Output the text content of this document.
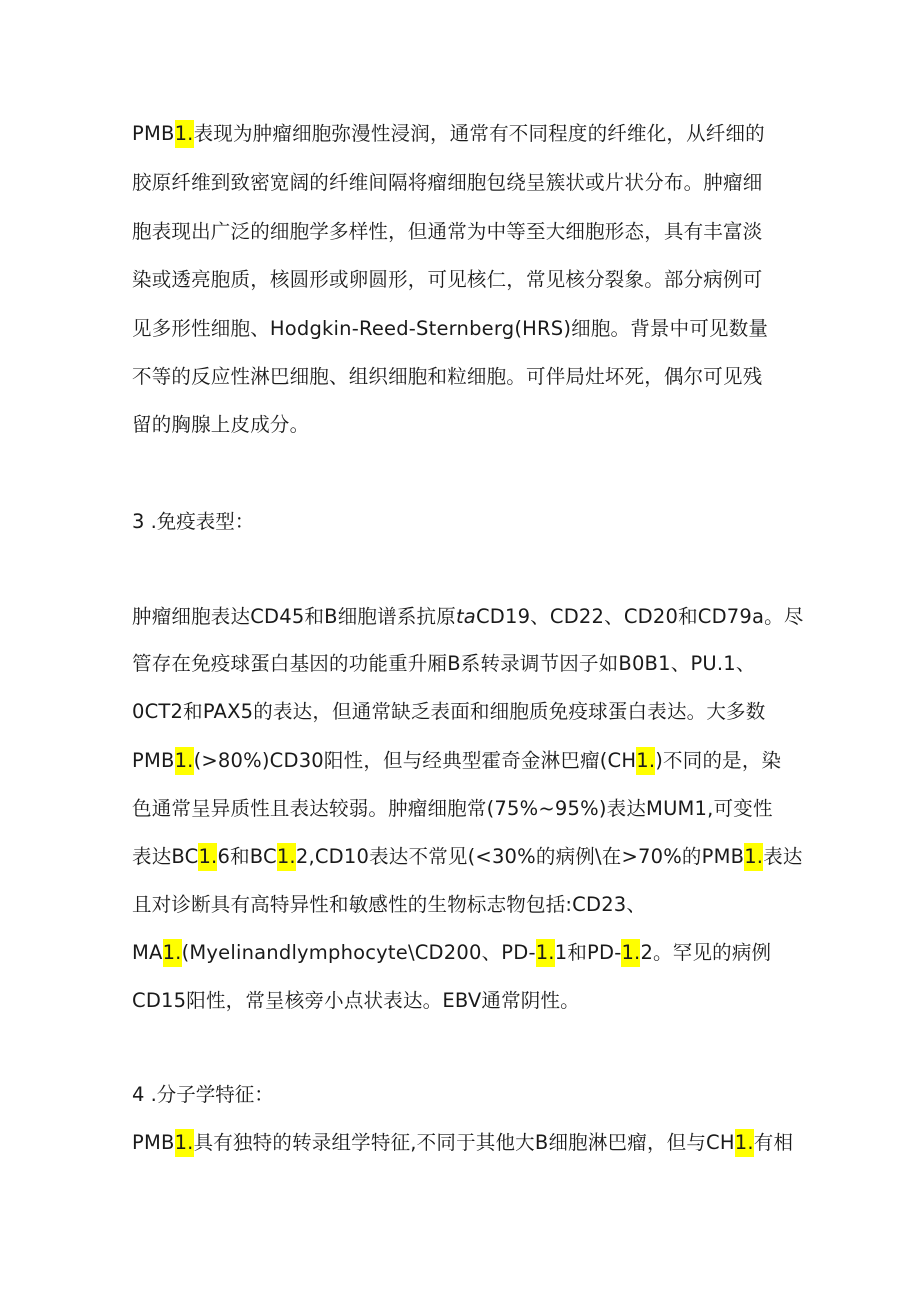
PMB1.表现为肿瘤细胞弥漫性浸润，通常有不同程度的纤维化，从纤细的
胶原纤维到致密宽阔的纤维间隔将瘤细胞包绕呈簇状或片状分布。肿瘤细
胞表现出广泛的细胞学多样性，但通常为中等至大细胞形态，具有丰富淡
染或透亮胞质，核圆形或卵圆形，可见核仁，常见核分裂象。部分病例可
见多形性细胞、Hodgkin-Reed-Sternberg(HRS)细胞。背景中可见数量
不等的反应性淋巴细胞、组织细胞和粒细胞。可伴局灶坏死，偶尔可见残
留的胸腺上皮成分。
3 .免疫表型：
肿瘤细胞表达CD45和B细胞谱系抗原taCD19、CD22、CD20和CD79a。尽
管存在免疫球蛋白基因的功能重升厢B系转录调节因子如B0B1、PU.1、
0CT2和PAX5的表达，但通常缺乏表面和细胞质免疫球蛋白表达。大多数
PMB1.(>80%)CD30阳性，但与经典型霍奇金淋巴瘤(CH1.)不同的是，染
色通常呈异质性且表达较弱。肿瘤细胞常(75%~95%)表达MUM1,可变性
表达BC1.6和BC1.2,CD10表达不常见(<30%的病例\在>70%的PMB1.表达
且对诊断具有高特异性和敏感性的生物标志物包括:CD23、
MA1.(Myelinandlymphocyte\CD200、PD-1.1和PD-1.2。罕见的病例
CD15阳性，常呈核旁小点状表达。EBV通常阴性。
4 .分子学特征：
PMB1.具有独特的转录组学特征,不同于其他大B细胞淋巴瘤，但与CH1.有相
